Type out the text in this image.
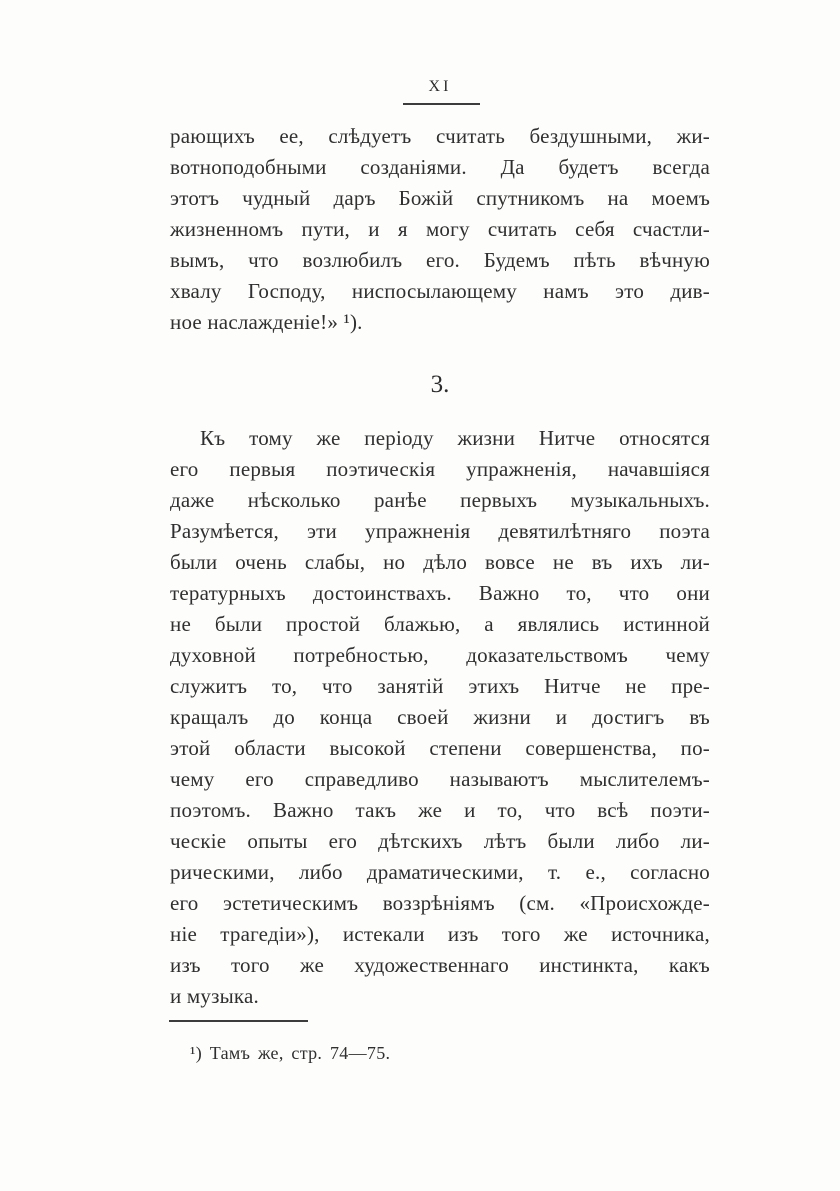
XI
рающихъ ее, слѣдуетъ считать бездушными, жи-
вотноподобными созданіями. Да будетъ всегда
этотъ чудный даръ Божій спутникомъ на моемъ
жизненномъ пути, и я могу считать себя счастли-
вымъ, что возлюбилъ его. Будемъ пѣть вѣчную
хвалу Господу, ниспосылающему намъ это див-
ное наслажденіе!» ¹).
3.
Къ тому же періоду жизни Нитче относятся
его первыя поэтическія упражненія, начавшіяся
даже нѣсколько ранѣе первыхъ музыкальныхъ.
Разумѣется, эти упражненія девятилѣтняго поэта
были очень слабы, но дѣло вовсе не въ ихъ ли-
тературныхъ достоинствахъ. Важно то, что они
не были простой блажью, а являлись истинной
духовной потребностью, доказательствомъ чему
служитъ то, что занятій этихъ Нитче не пре-
кращалъ до конца своей жизни и достигъ въ
этой области высокой степени совершенства, по-
чему его справедливо называютъ мыслителемъ-
поэтомъ. Важно такъ же и то, что всѣ поэти-
ческіе опыты его дѣтскихъ лѣтъ были либо ли-
рическими, либо драматическими, т. е., согласно
его эстетическимъ воззрѣніямъ (см. «Происхожде-
ніе трагедіи»), истекали изъ того же источника,
изъ того же художественнаго инстинкта, какъ
и музыка.
¹) Тамъ же, стр. 74—75.
